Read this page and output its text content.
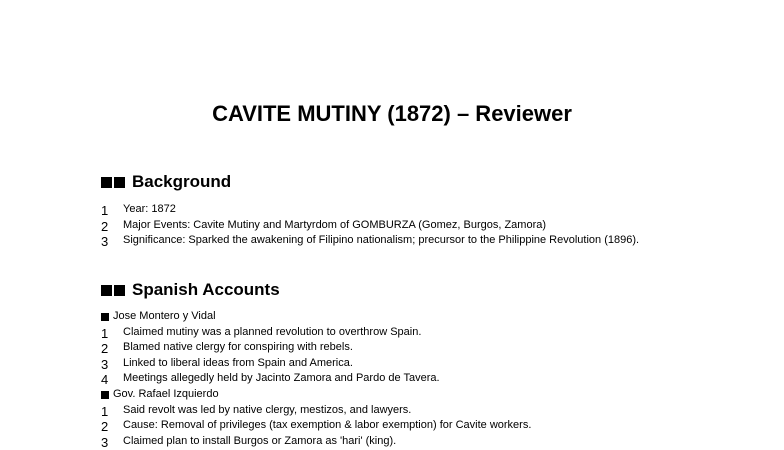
CAVITE MUTINY (1872) – Reviewer
Background
1 Year: 1872
2 Major Events: Cavite Mutiny and Martyrdom of GOMBURZA (Gomez, Burgos, Zamora)
3 Significance: Sparked the awakening of Filipino nationalism; precursor to the Philippine Revolution (1896).
Spanish Accounts
Jose Montero y Vidal
1 Claimed mutiny was a planned revolution to overthrow Spain.
2 Blamed native clergy for conspiring with rebels.
3 Linked to liberal ideas from Spain and America.
4 Meetings allegedly held by Jacinto Zamora and Pardo de Tavera.
Gov. Rafael Izquierdo
1 Said revolt was led by native clergy, mestizos, and lawyers.
2 Cause: Removal of privileges (tax exemption & labor exemption) for Cavite workers.
3 Claimed plan to install Burgos or Zamora as 'hari' (king).
